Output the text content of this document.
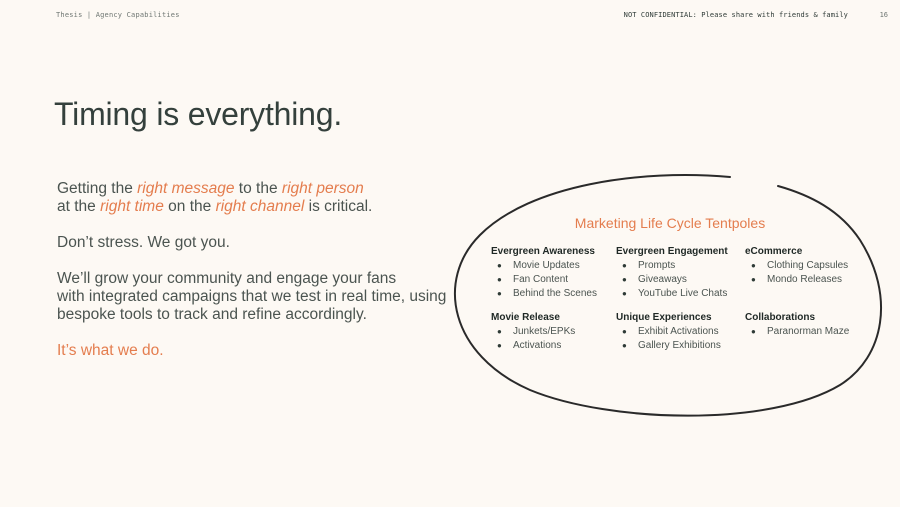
Thesis | Agency Capabilities	NOT CONFIDENTIAL: Please share with friends & family	16
Timing is everything.

Getting the right message to the right person
at the right time on the right channel is critical.

Don’t stress. We got you.

We’ll grow your community and engage your fans
with integrated campaigns that we test in real time, using
bespoke tools to track and refine accordingly.

It’s what we do.

Marketing Life Cycle Tentpoles
Evergreen Awareness
● Movie Updates
● Fan Content
● Behind the Scenes
Evergreen Engagement
● Prompts
● Giveaways
● YouTube Live Chats
eCommerce
● Clothing Capsules
● Mondo Releases
Movie Release
● Junkets/EPKs
● Activations
Unique Experiences
● Exhibit Activations
● Gallery Exhibitions
Collaborations
● Paranorman Maze
